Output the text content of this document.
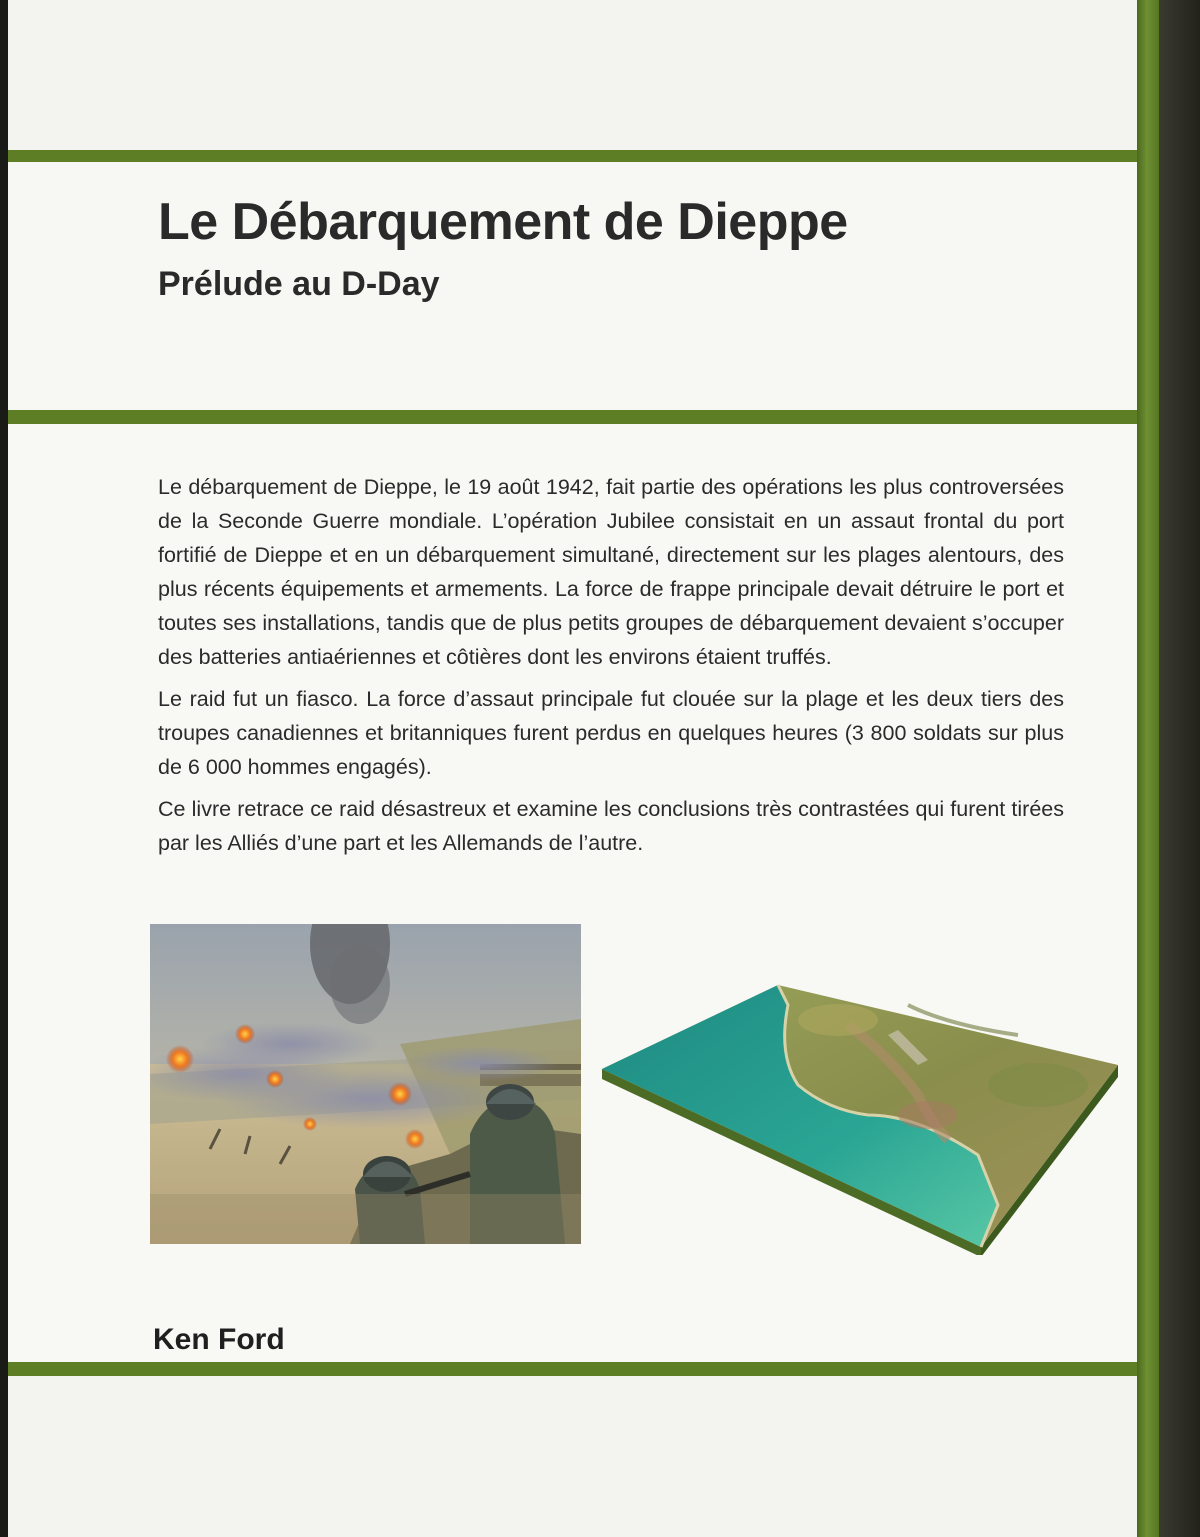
Le Débarquement de Dieppe
Prélude au D-Day

Le débarquement de Dieppe, le 19 août 1942, fait partie des opérations les plus controversées de la Seconde Guerre mondiale. L’opération Jubilee consistait en un assaut frontal du port fortifié de Dieppe et en un débarquement simultané, directement sur les plages alentours, des plus récents équipements et armements. La force de frappe principale devait détruire le port et toutes ses installations, tandis que de plus petits groupes de débarquement devaient s’occuper des batteries antiaériennes et côtières dont les environs étaient truffés.

Le raid fut un fiasco. La force d’assaut principale fut clouée sur la plage et les deux tiers des troupes canadiennes et britanniques furent perdus en quelques heures (3 800 soldats sur plus de 6 000 hommes engagés).

Ce livre retrace ce raid désastreux et examine les conclusions très contrastées qui furent tirées par les Alliés d’une part et les Allemands de l’autre.

Ken Ford
